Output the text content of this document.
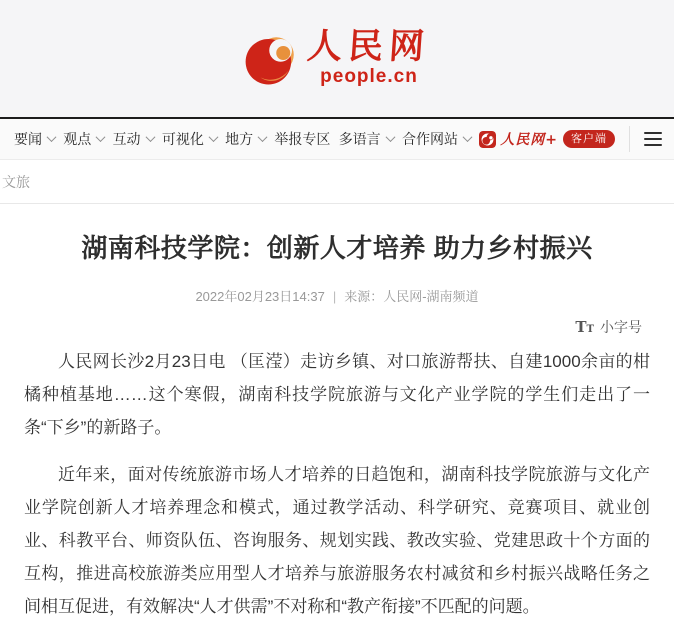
人民网
people.cn
要闻 观点 互动 可视化 地方 举报专区 多语言 合作网站	人民网+	客户端
文旅
湖南科技学院：创新人才培养 助力乡村振兴
2022年02月23日14:37 | 来源：人民网-湖南频道
TT 小字号

人民网长沙2月23日电 （匡滢）走访乡镇、对口旅游帮扶、自建1000余亩的柑橘种植基地……这个寒假，湖南科技学院旅游与文化产业学院的学生们走出了一条“下乡”的新路子。

近年来，面对传统旅游市场人才培养的日趋饱和，湖南科技学院旅游与文化产业学院创新人才培养理念和模式，通过教学活动、科学研究、竞赛项目、就业创业、科教平台、师资队伍、咨询服务、规划实践、教改实验、党建思政十个方面的互构，推进高校旅游类应用型人才培养与旅游服务农村减贫和乡村振兴战略任务之间相互促进，有效解决“人才供需”不对称和“教产衔接”不匹配的问题。
